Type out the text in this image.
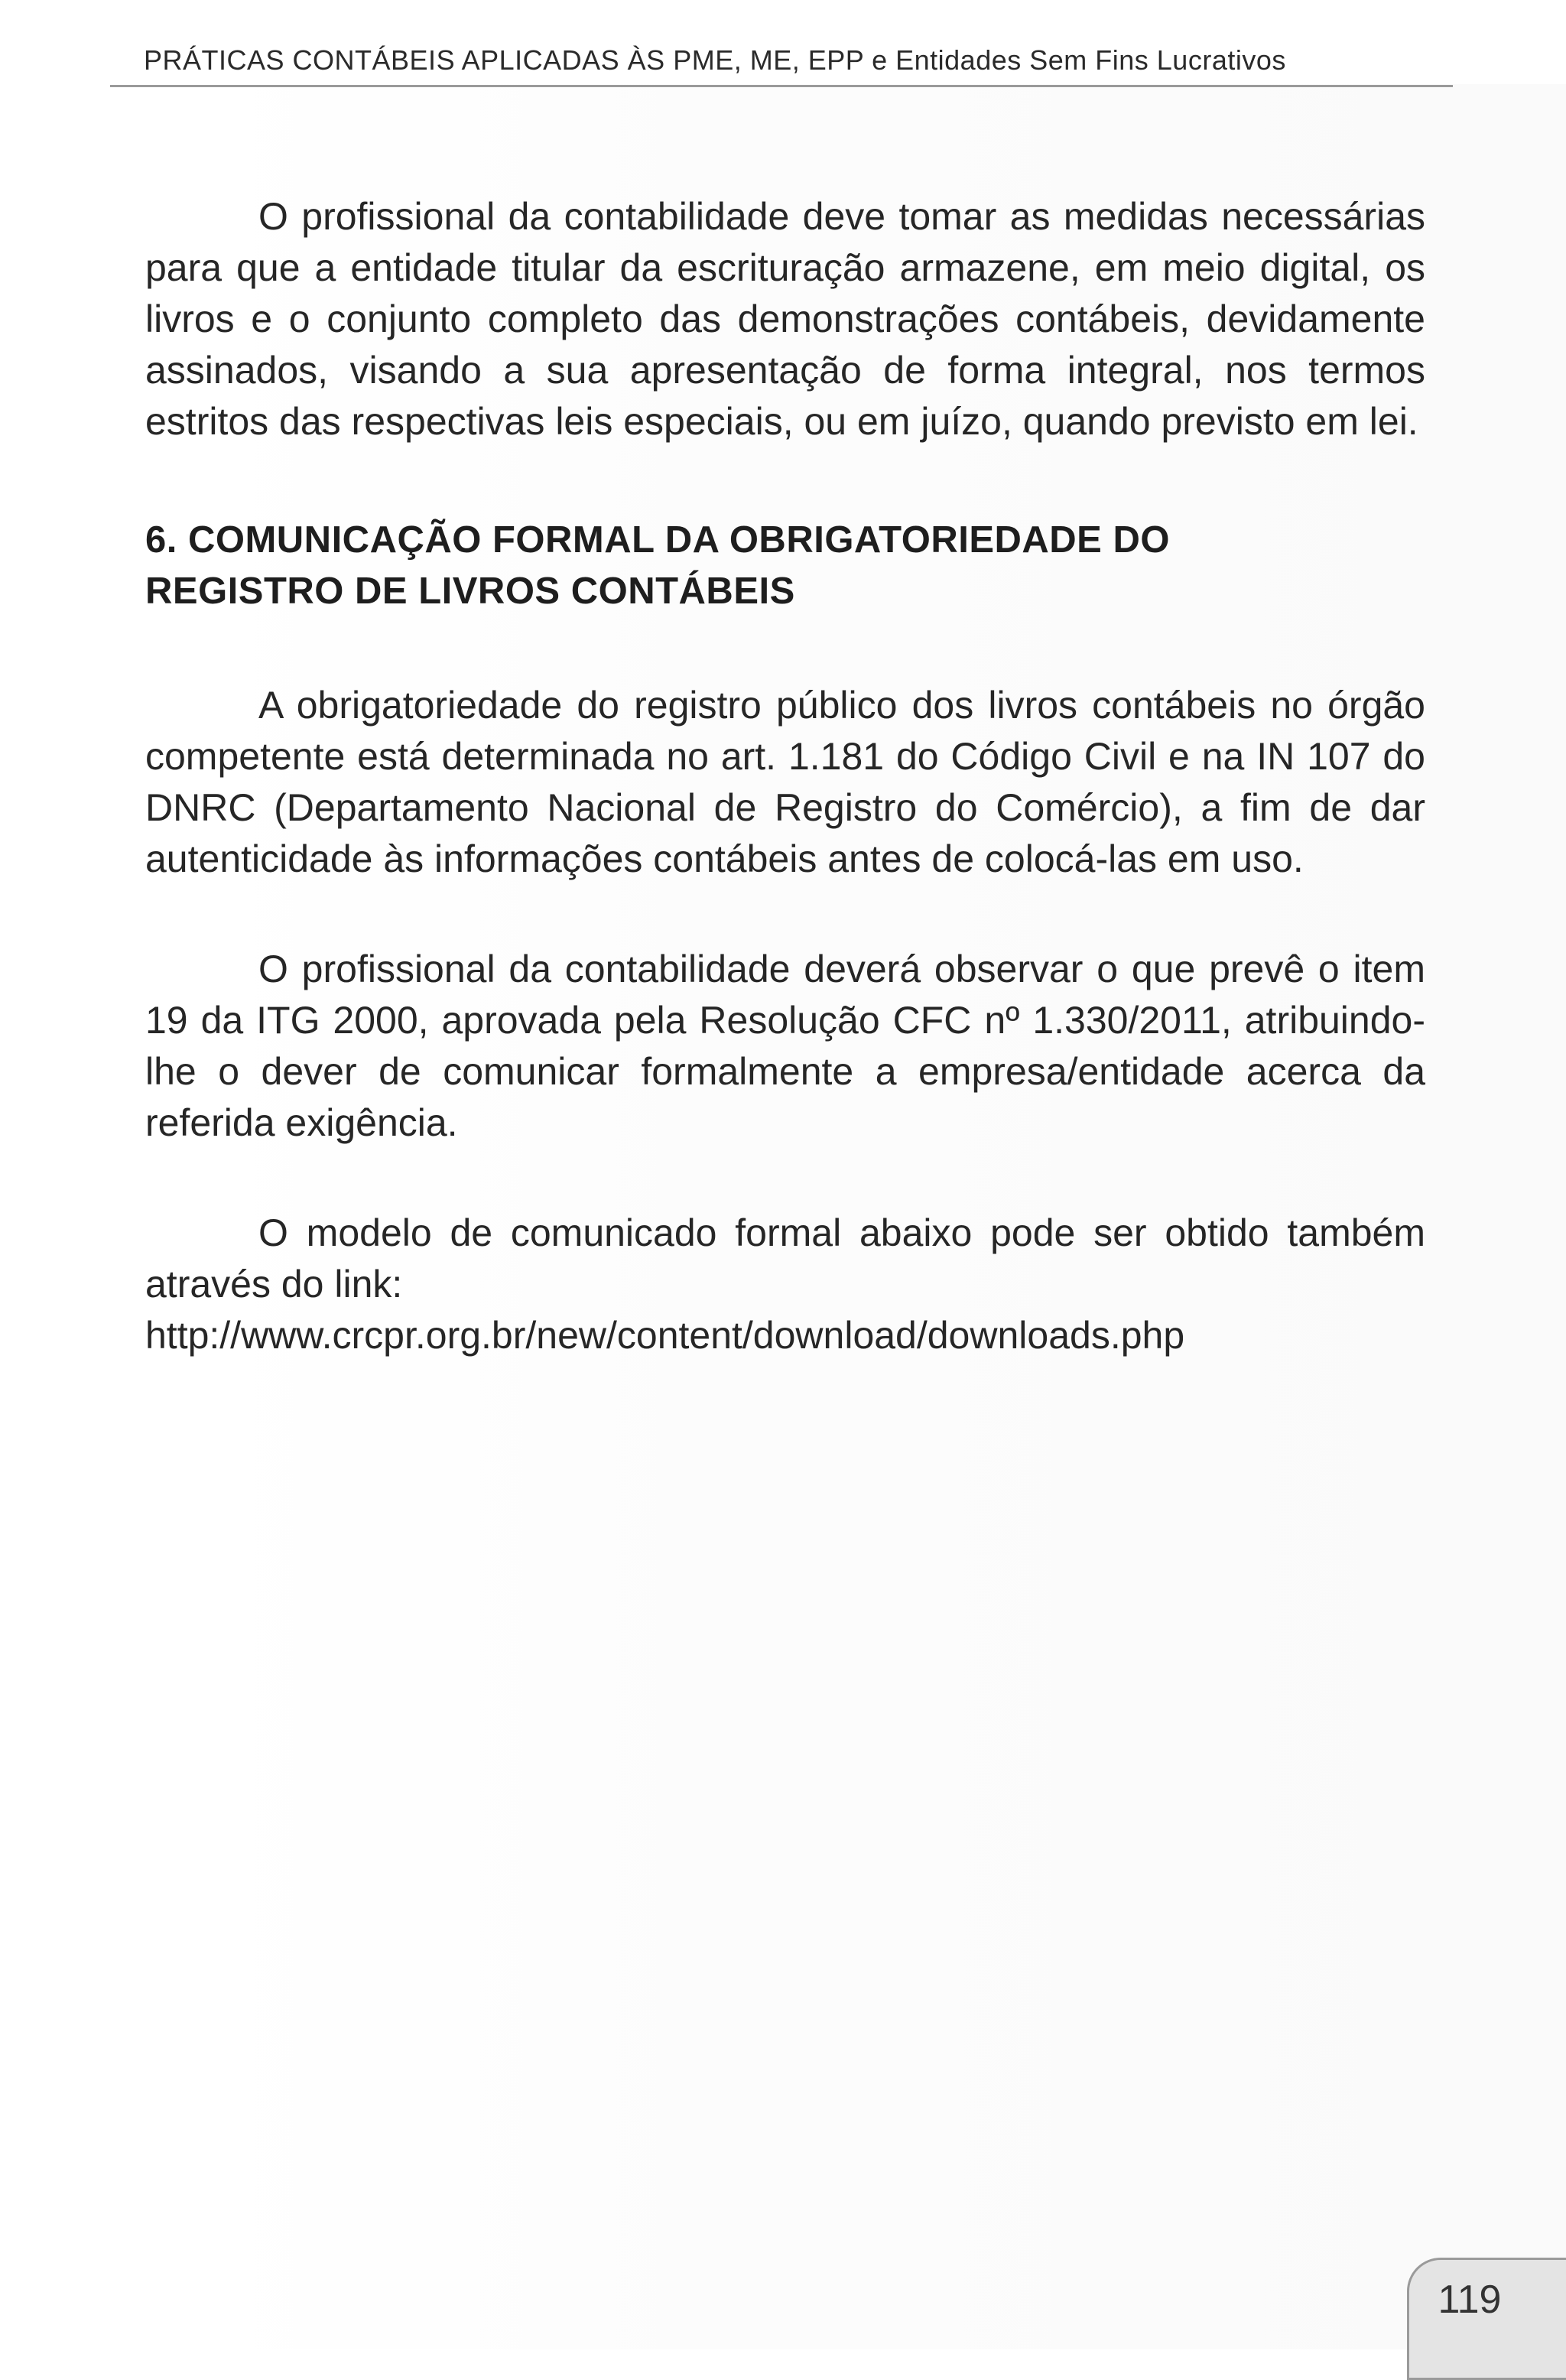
PRÁTICAS CONTÁBEIS APLICADAS ÀS PME, ME, EPP e Entidades Sem Fins Lucrativos

O profissional da contabilidade deve tomar as medidas necessárias para que a entidade titular da escrituração armazene, em meio digital, os livros e o conjunto completo das demonstrações contábeis, devidamente assinados, visando a sua apresentação de forma integral, nos termos estritos das respectivas leis especiais, ou em juízo, quando previsto em lei.

6. COMUNICAÇÃO FORMAL DA OBRIGATORIEDADE DO
REGISTRO DE LIVROS CONTÁBEIS

A obrigatoriedade do registro público dos livros contábeis no órgão competente está determinada no art. 1.181 do Código Civil e na IN 107 do DNRC (Departamento Nacional de Registro do Comércio), a fim de dar autenticidade às informações contábeis antes de colocá-las em uso.

O profissional da contabilidade deverá observar o que prevê o item 19 da ITG 2000, aprovada pela Resolução CFC nº 1.330/2011, atribuindo-lhe o dever de comunicar formalmente a empresa/entidade acerca da referida exigência.

O modelo de comunicado formal abaixo pode ser obtido também através do link:

http://www.crcpr.org.br/new/content/download/downloads.php

119
